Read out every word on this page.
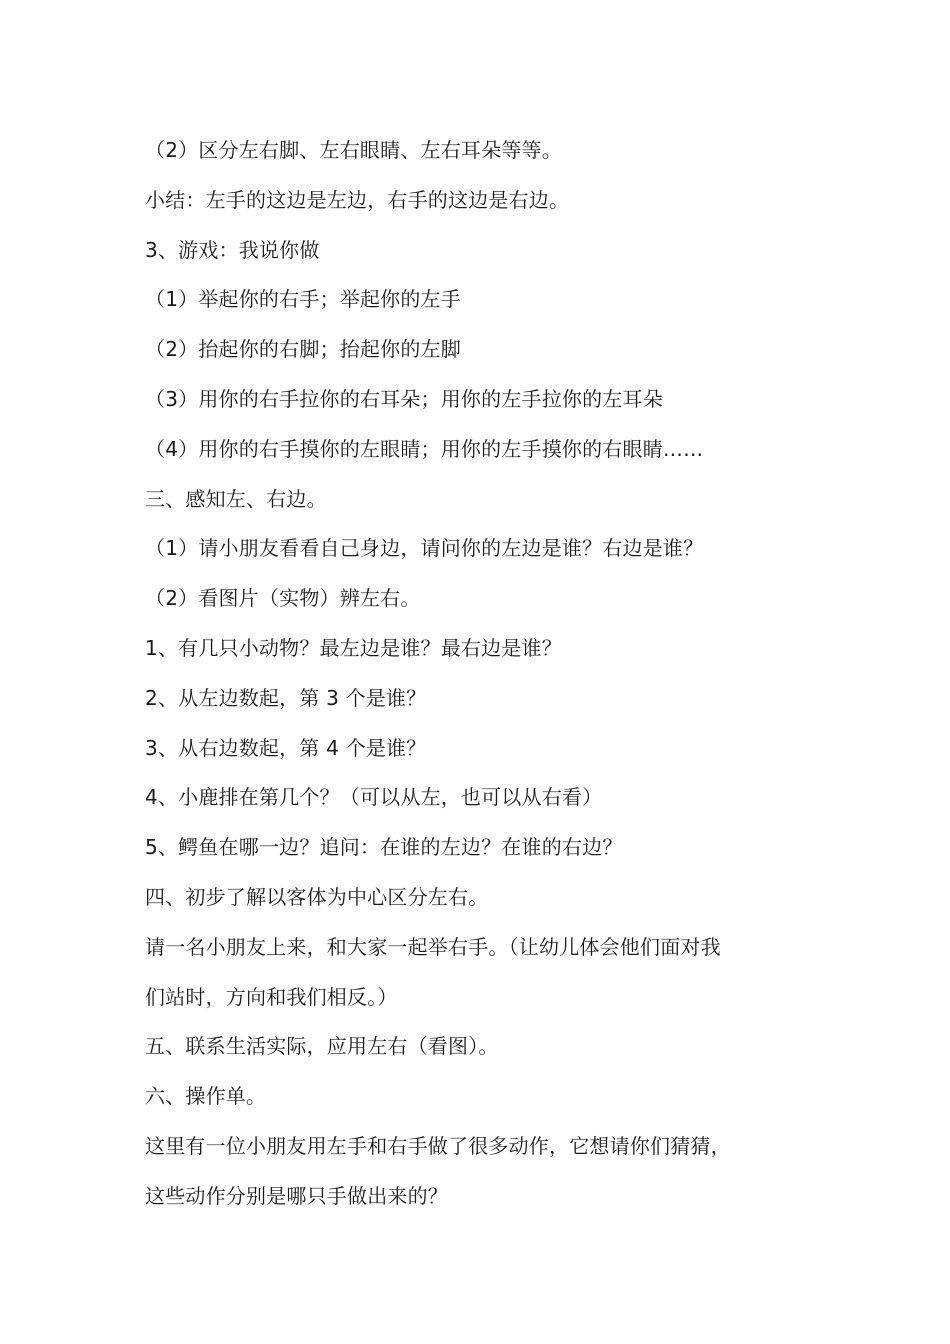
（2）区分左右脚、左右眼睛、左右耳朵等等。
小结：左手的这边是左边，右手的这边是右边。
3、游戏：我说你做
（1）举起你的右手；举起你的左手
（2）抬起你的右脚；抬起你的左脚
（3）用你的右手拉你的右耳朵；用你的左手拉你的左耳朵
（4）用你的右手摸你的左眼睛；用你的左手摸你的右眼睛……
三、感知左、右边。
（1）请小朋友看看自己身边，请问你的左边是谁？右边是谁？
（2）看图片（实物）辨左右。
1、有几只小动物？最左边是谁？最右边是谁？
2、从左边数起，第 3 个是谁？
3、从右边数起，第 4 个是谁？
4、小鹿排在第几个？（可以从左，也可以从右看）
5、鳄鱼在哪一边？追问：在谁的左边？在谁的右边？
四、初步了解以客体为中心区分左右。
请一名小朋友上来，和大家一起举右手。（让幼儿体会他们面对我
们站时，方向和我们相反。）
五、联系生活实际，应用左右（看图）。
六、操作单。
这里有一位小朋友用左手和右手做了很多动作，它想请你们猜猜，
这些动作分别是哪只手做出来的？
